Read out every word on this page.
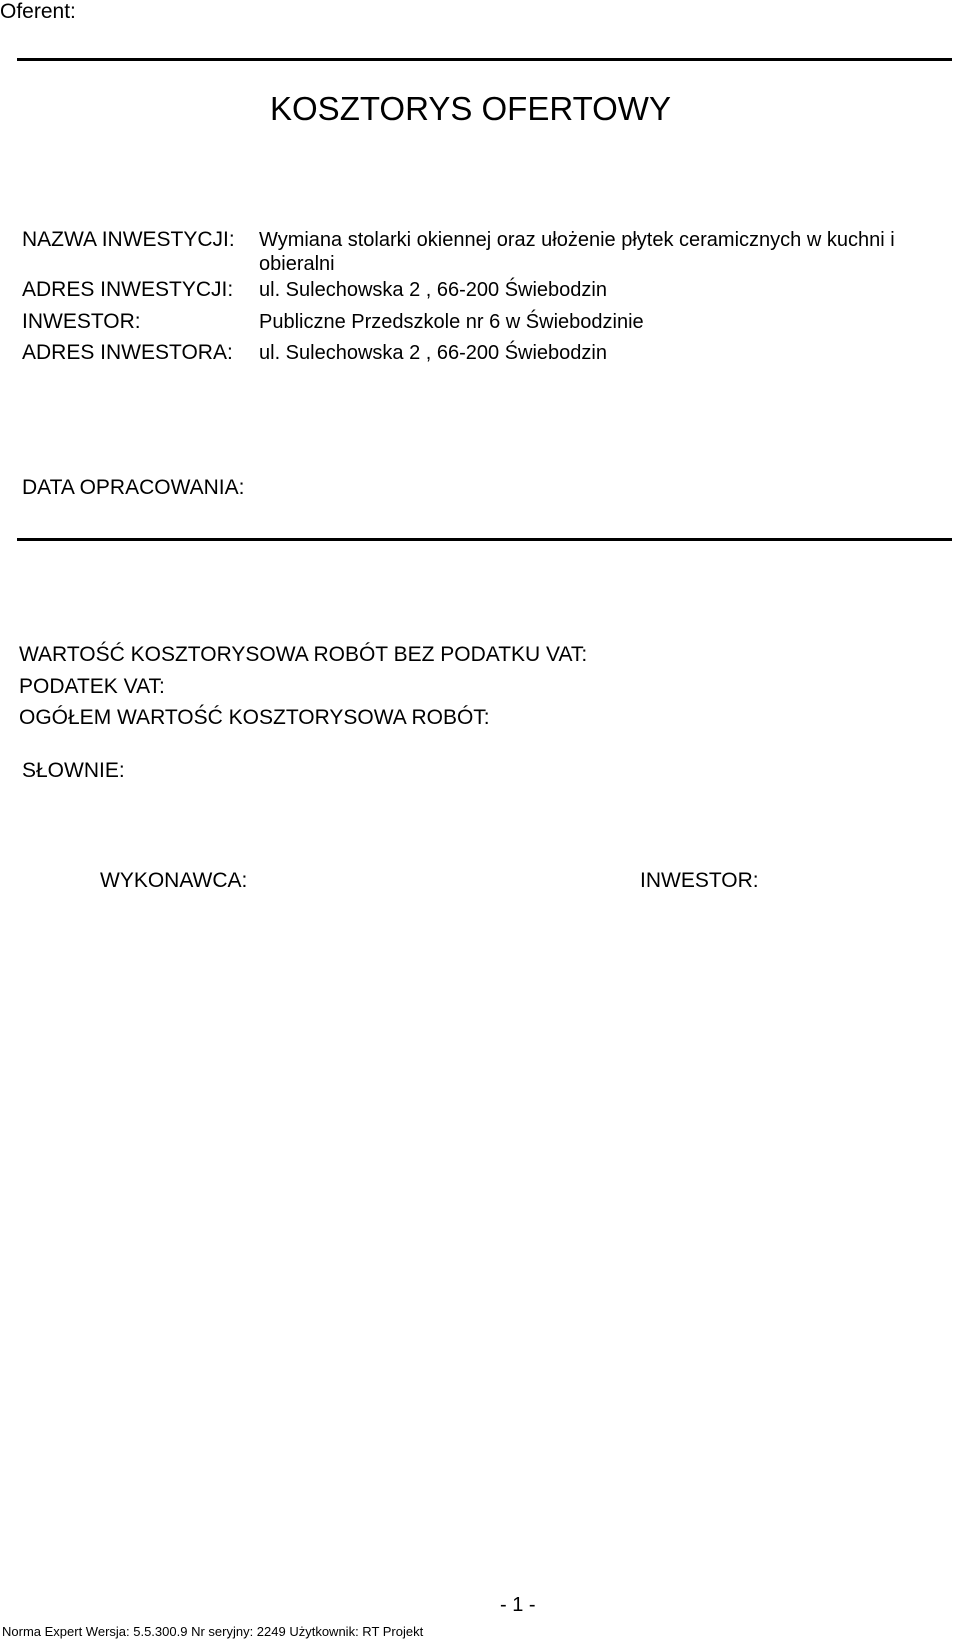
Oferent:
KOSZTORYS OFERTOWY
NAZWA INWESTYCJI: Wymiana stolarki okiennej oraz ułożenie płytek ceramicznych w kuchni i
obieralni
ADRES INWESTYCJI: ul. Sulechowska 2 , 66-200 Świebodzin
INWESTOR:	Publiczne Przedszkole nr 6 w Świebodzinie
ADRES INWESTORA: ul. Sulechowska 2 , 66-200 Świebodzin
DATA OPRACOWANIA:
WARTOŚĆ KOSZTORYSOWA ROBÓT BEZ PODATKU VAT:
PODATEK VAT:
OGÓŁEM WARTOŚĆ KOSZTORYSOWA ROBÓT:
SŁOWNIE:
WYKONAWCA:	INWESTOR:
- 1 -
Norma Expert Wersja: 5.5.300.9 Nr seryjny: 2249 Użytkownik: RT Projekt
